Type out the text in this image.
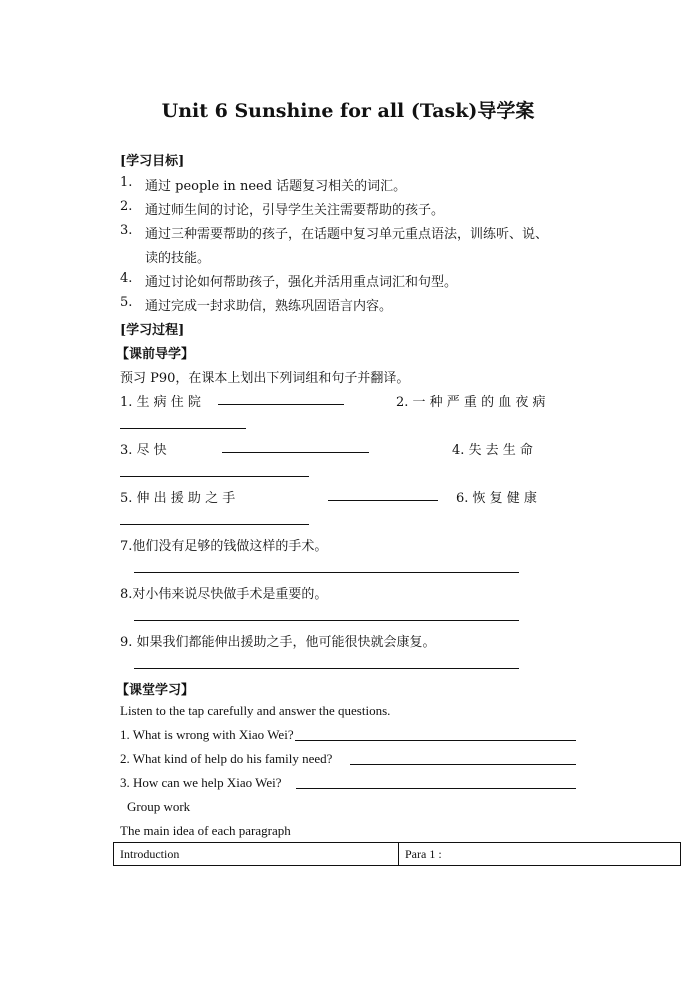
Unit 6 Sunshine for all (Task)导学案
[学习目标]
1. 通过 people in need 话题复习相关的词汇。
2. 通过师生间的讨论，引导学生关注需要帮助的孩子。
3. 通过三种需要帮助的孩子，在话题中复习单元重点语法，训练听、说、
读的技能。
4. 通过讨论如何帮助孩子，强化并活用重点词汇和句型。
5. 通过完成一封求助信，熟练巩固语言内容。
[学习过程]
【课前导学】
预习 P90，在课本上划出下列词组和句子并翻译。
1. 生 病 住 院	2. 一 种 严 重 的 血 夜 病
3. 尽 快	4. 失 去 生 命
5. 伸 出 援 助 之 手	6. 恢 复 健 康
7.他们没有足够的钱做这样的手术。
8.对小伟来说尽快做手术是重要的。
9. 如果我们都能伸出援助之手，他可能很快就会康复。
【课堂学习】
Listen to the tap carefully and answer the questions.
1. What is wrong with Xiao Wei?
2. What kind of help do his family need?
3. How can we help Xiao Wei?
Group work
The main idea of each paragraph
Introduction	Para 1 :
